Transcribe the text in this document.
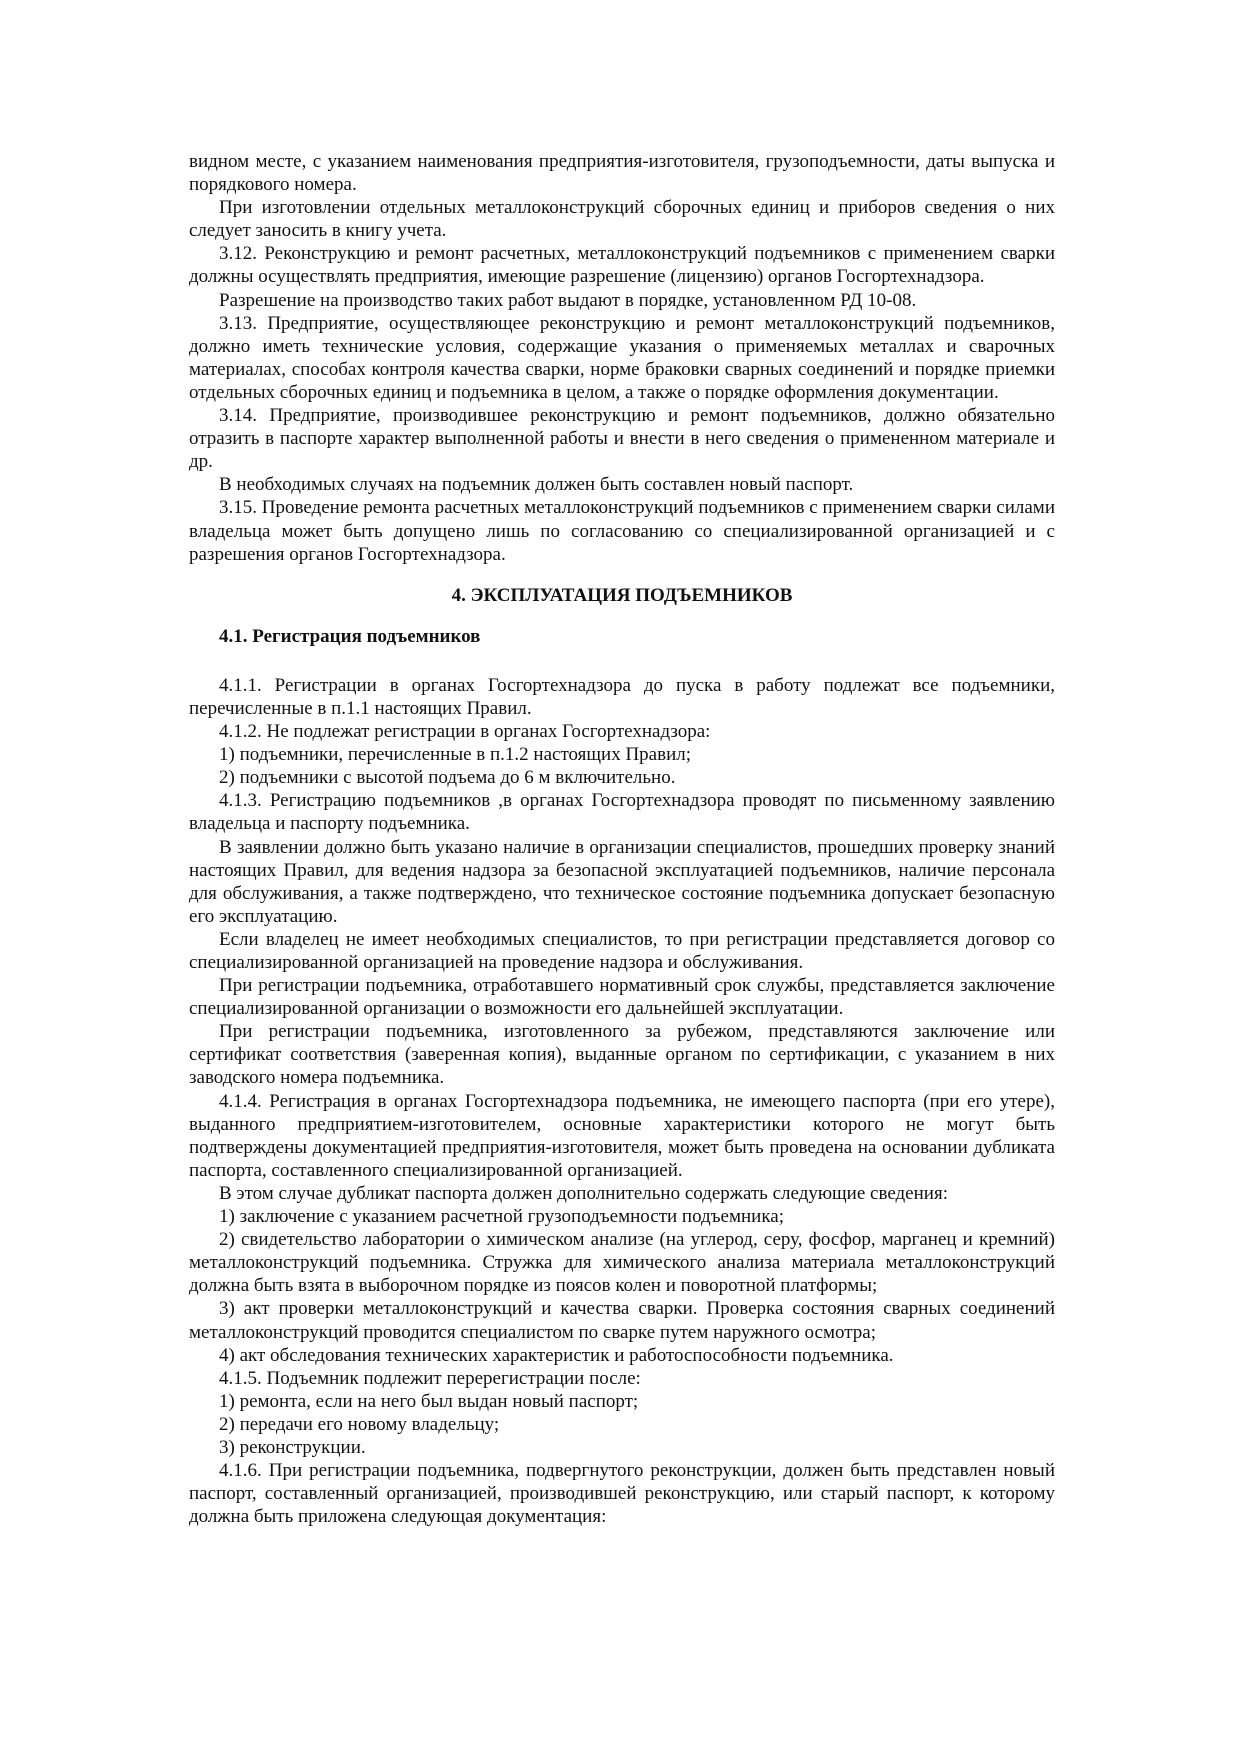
видном месте, с указанием наименования предприятия-изготовителя, грузоподъемности, даты выпуска и порядкового номера.

При изготовлении отдельных металлоконструкций сборочных единиц и приборов сведения о них следует заносить в книгу учета.

3.12. Реконструкцию и ремонт расчетных, металлоконструкций подъемников с применением сварки должны осуществлять предприятия, имеющие разрешение (лицензию) органов Госгортехнадзора.

Разрешение на производство таких работ выдают в порядке, установленном РД 10-08.

3.13. Предприятие, осуществляющее реконструкцию и ремонт металлоконструкций подъемников, должно иметь технические условия, содержащие указания о применяемых металлах и сварочных материалах, способах контроля качества сварки, норме браковки сварных соединений и порядке приемки отдельных сборочных единиц и подъемника в целом, а также о порядке оформления документации.

3.14. Предприятие, производившее реконструкцию и ремонт подъемников, должно обязательно отразить в паспорте характер выполненной работы и внести в него сведения о примененном материале и др.

В необходимых случаях на подъемник должен быть составлен новый паспорт.

3.15. Проведение ремонта расчетных металлоконструкций подъемников с применением сварки силами владельца может быть допущено лишь по согласованию со специализированной организацией и с разрешения органов Госгортехнадзора.

4. ЭКСПЛУАТАЦИЯ ПОДЪЕМНИКОВ
4.1. Регистрация подъемников

4.1.1. Регистрации в органах Госгортехнадзора до пуска в работу подлежат все подъемники, перечисленные в п.1.1 настоящих Правил.

4.1.2. Не подлежат регистрации в органах Госгортехнадзора:

1) подъемники, перечисленные в п.1.2 настоящих Правил;

2) подъемники с высотой подъема до 6 м включительно.

4.1.3. Регистрацию подъемников ,в органах Госгортехнадзора проводят по письменному заявлению владельца и паспорту подъемника.

В заявлении должно быть указано наличие в организации специалистов, прошедших проверку знаний настоящих Правил, для ведения надзора за безопасной эксплуатацией подъемников, наличие персонала для обслуживания, а также подтверждено, что техническое состояние подъемника допускает безопасную его эксплуатацию.

Если владелец не имеет необходимых специалистов, то при регистрации представляется договор со специализированной организацией на проведение надзора и обслуживания.

При регистрации подъемника, отработавшего нормативный срок службы, представляется заключение специализированной организации о возможности его дальнейшей эксплуатации.

При регистрации подъемника, изготовленного за рубежом, представляются заключение или сертификат соответствия (заверенная копия), выданные органом по сертификации, с указанием в них заводского номера подъемника.

4.1.4. Регистрация в органах Госгортехнадзора подъемника, не имеющего паспорта (при его утере), выданного предприятием-изготовителем, основные характеристики которого не могут быть подтверждены документацией предприятия-изготовителя, может быть проведена на основании дубликата паспорта, составленного специализированной организацией.

В этом случае дубликат паспорта должен дополнительно содержать следующие сведения:

1) заключение с указанием расчетной грузоподъемности подъемника;

2) свидетельство лаборатории о химическом анализе (на углерод, серу, фосфор, марганец и кремний) металлоконструкций подъемника. Стружка для химического анализа материала металлоконструкций должна быть взята в выборочном порядке из поясов колен и поворотной платформы;

3) акт проверки металлоконструкций и качества сварки. Проверка состояния сварных соединений металлоконструкций проводится специалистом по сварке путем наружного осмотра;

4) акт обследования технических характеристик и работоспособности подъемника.

4.1.5. Подъемник подлежит перерегистрации после:

1) ремонта, если на него был выдан новый паспорт;

2) передачи его новому владельцу;

3) реконструкции.

4.1.6. При регистрации подъемника, подвергнутого реконструкции, должен быть представлен новый паспорт, составленный организацией, производившей реконструкцию, или старый паспорт, к которому должна быть приложена следующая документация:
